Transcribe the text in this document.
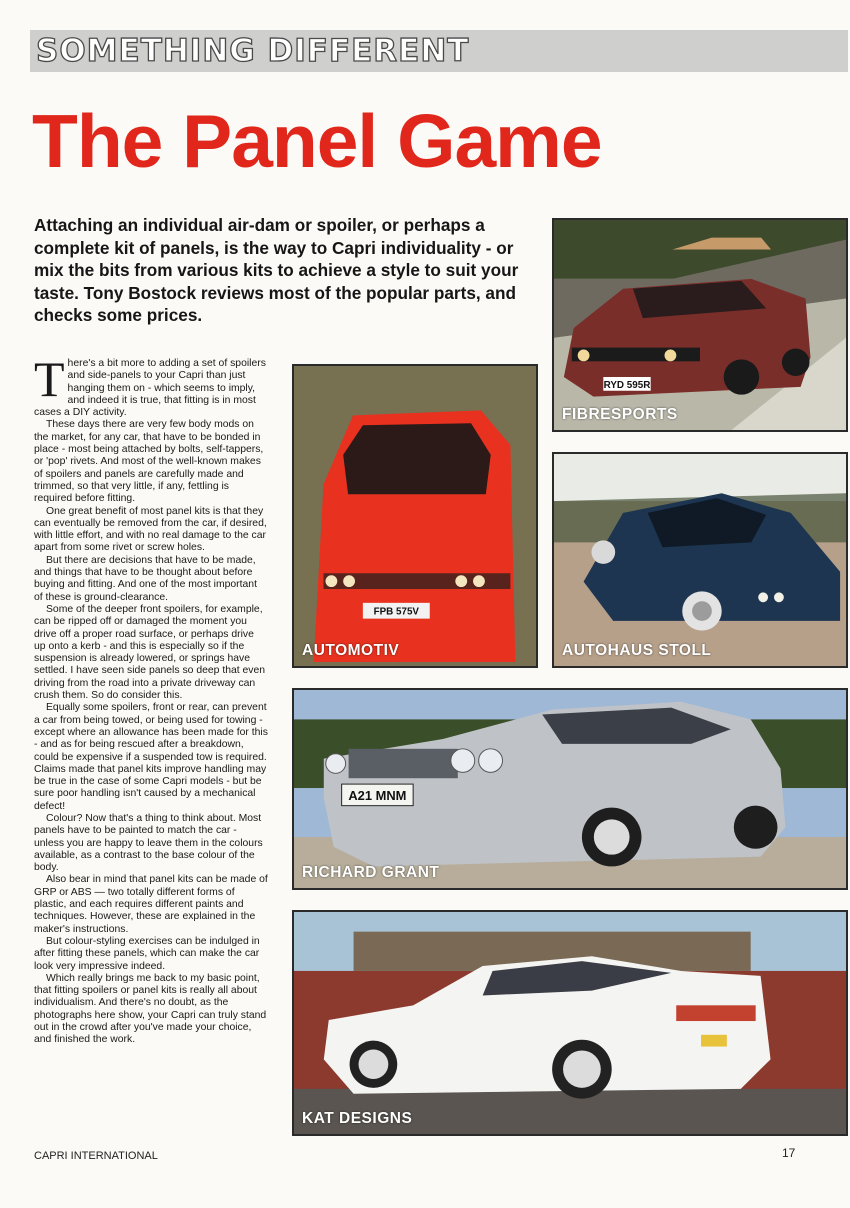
SOMETHING DIFFERENT
The Panel Game
Attaching an individual air-dam or spoiler, or perhaps a complete kit of panels, is the way to Capri individuality - or mix the bits from various kits to achieve a style to suit your taste. Tony Bostock reviews most of the popular parts, and checks some prices.

There's a bit more to adding a set of spoilers and side-panels to your Capri than just hanging them on - which seems to imply, and indeed it is true, that fitting is in most cases a DIY activity.

These days there are very few body mods on the market, for any car, that have to be bonded in place - most being attached by bolts, self-tappers, or 'pop' rivets. And most of the well-known makes of spoilers and panels are carefully made and trimmed, so that very little, if any, fettling is required before fitting.

One great benefit of most panel kits is that they can eventually be removed from the car, if desired, with little effort, and with no real damage to the car apart from some rivet or screw holes.

But there are decisions that have to be made, and things that have to be thought about before buying and fitting. And one of the most important of these is ground-clearance.

Some of the deeper front spoilers, for example, can be ripped off or damaged the moment you drive off a proper road surface, or perhaps drive up onto a kerb - and this is especially so if the suspension is already lowered, or springs have settled. I have seen side panels so deep that even driving from the road into a private driveway can crush them. So do consider this.

Equally some spoilers, front or rear, can prevent a car from being towed, or being used for towing - except where an allowance has been made for this - and as for being rescued after a breakdown, could be expensive if a suspended tow is required. Claims made that panel kits improve handling may be true in the case of some Capri models - but be sure poor handling isn't caused by a mechanical defect!

Colour? Now that's a thing to think about. Most panels have to be painted to match the car - unless you are happy to leave them in the colours available, as a contrast to the base colour of the body.

Also bear in mind that panel kits can be made of GRP or ABS — two totally different forms of plastic, and each requires different paints and techniques. However, these are explained in the maker's instructions.

But colour-styling exercises can be indulged in after fitting these panels, which can make the car look very impressive indeed.

Which really brings me back to my basic point, that fitting spoilers or panel kits is really all about individualism. And there's no doubt, as the photographs here show, your Capri can truly stand out in the crowd after you've made your choice, and finished the work.

RYD 595R
FIBRESPORTS
FPB 575V
AUTOMOTIV	AUTOHAUS STOLL
A21 MNM
RICHARD GRANT
KAT DESIGNS
CAPRI INTERNATIONAL	17
